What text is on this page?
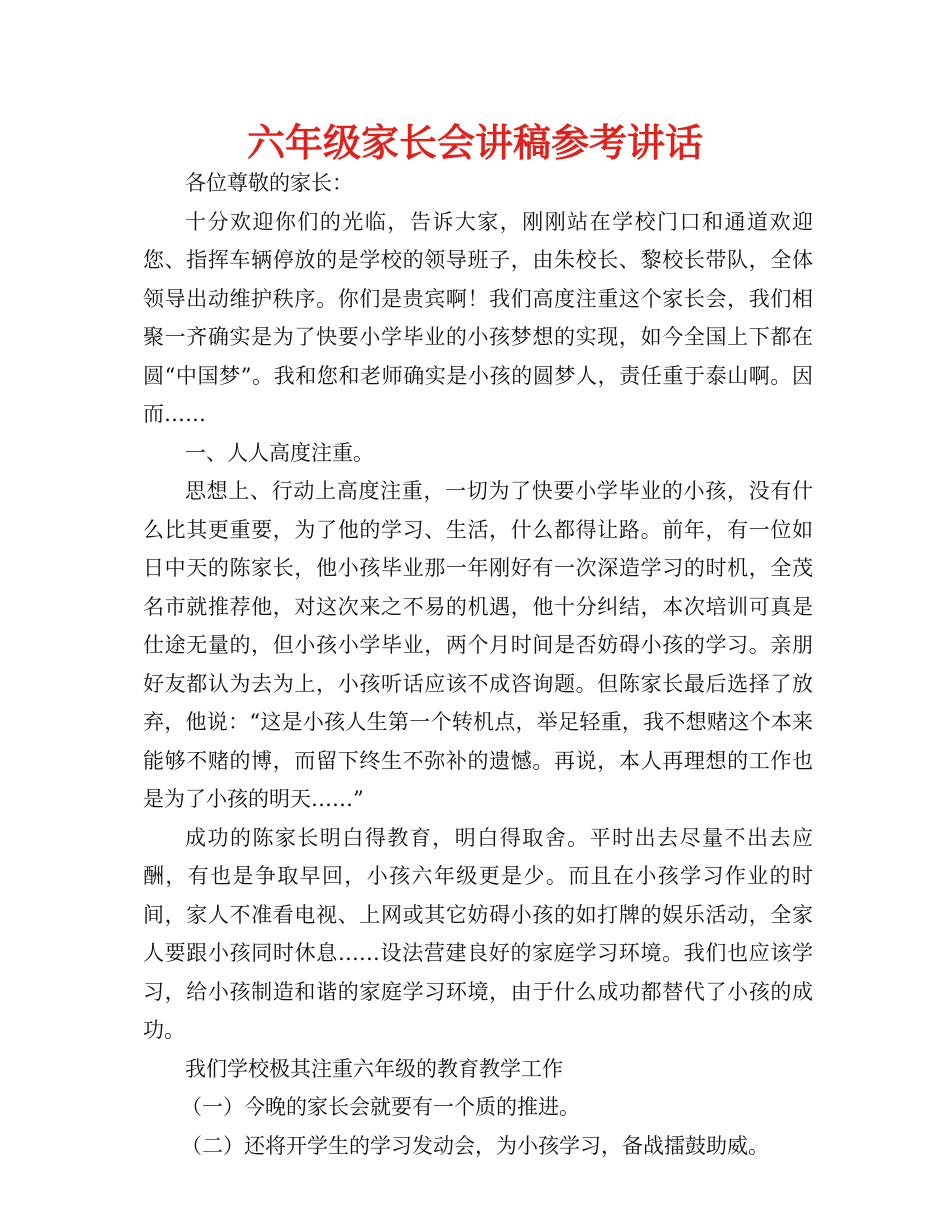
六年级家长会讲稿参考讲话

各位尊敬的家长：

十分欢迎你们的光临，告诉大家，刚刚站在学校门口和通道欢迎您、指挥车辆停放的是学校的领导班子，由朱校长、黎校长带队，全体领导出动维护秩序。你们是贵宾啊！我们高度注重这个家长会，我们相聚一齐确实是为了快要小学毕业的小孩梦想的实现，如今全国上下都在圆“中国梦”。我和您和老师确实是小孩的圆梦人，责任重于泰山啊。因而……

一、人人高度注重。

思想上、行动上高度注重，一切为了快要小学毕业的小孩，没有什么比其更重要，为了他的学习、生活，什么都得让路。前年，有一位如日中天的陈家长，他小孩毕业那一年刚好有一次深造学习的时机，全茂名市就推荐他，对这次来之不易的机遇，他十分纠结，本次培训可真是仕途无量的，但小孩小学毕业，两个月时间是否妨碍小孩的学习。亲朋好友都认为去为上，小孩听话应该不成咨询题。但陈家长最后选择了放弃，他说：“这是小孩人生第一个转机点，举足轻重，我不想赌这个本来能够不赌的博，而留下终生不弥补的遗憾。再说，本人再理想的工作也是为了小孩的明天……”

成功的陈家长明白得教育，明白得取舍。平时出去尽量不出去应酬，有也是争取早回，小孩六年级更是少。而且在小孩学习作业的时间，家人不准看电视、上网或其它妨碍小孩的如打牌的娱乐活动，全家人要跟小孩同时休息……设法营建良好的家庭学习环境。我们也应该学习，给小孩制造和谐的家庭学习环境，由于什么成功都替代了小孩的成功。

我们学校极其注重六年级的教育教学工作

（一）今晚的家长会就要有一个质的推进。

（二）还将开学生的学习发动会，为小孩学习，备战擂鼓助威。
